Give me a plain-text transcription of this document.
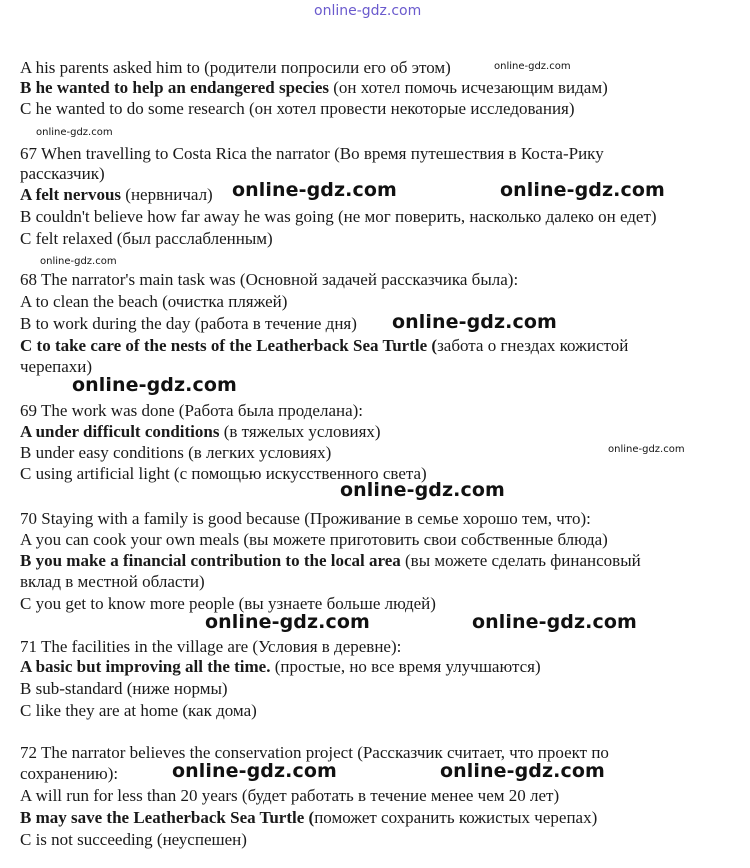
online-gdz.com
A his parents asked him to (родители попросили его об этом)
B he wanted to help an endangered species (он хотел помочь исчезающим видам)
C he wanted to do some research (он хотел провести некоторые исследования)
67 When travelling to Costa Rica the narrator (Во время путешествия в Коста-Рику
рассказчик)
A felt nervous (нервничал)
B couldn't believe how far away he was going (не мог поверить, насколько далеко он едет)
C felt relaxed (был расслабленным)
68 The narrator's main task was (Основной задачей рассказчика была):
A to clean the beach (очистка пляжей)
B to work during the day (работа в течение дня)
C to take care of the nests of the Leatherback Sea Turtle (забота о гнездах кожистой
черепахи)
69 The work was done (Работа была проделана):
A under difficult conditions (в тяжелых условиях)
B under easy conditions (в легких условиях)
C using artificial light (с помощью искусственного света)
70 Staying with a family is good because (Проживание в семье хорошо тем, что):
A you can cook your own meals (вы можете приготовить свои собственные блюда)
B you make a financial contribution to the local area (вы можете сделать финансовый
вклад в местной области)
C you get to know more people (вы узнаете больше людей)
71 The facilities in the village are (Условия в деревне):
A basic but improving all the time. (простые, но все время улучшаются)
B sub-standard (ниже нормы)
C like they are at home (как дома)
72 The narrator believes the conservation project (Рассказчик считает, что проект по
сохранению):
A will run for less than 20 years (будет работать в течение менее чем 20 лет)
B may save the Leatherback Sea Turtle (поможет сохранить кожистых черепах)
C is not succeeding (неуспешен)
online-gdz.com
online-gdz.com
online-gdz.com
online-gdz.com
online-gdz.com	online-gdz.com
online-gdz.com
online-gdz.com
online-gdz.com
online-gdz.com	online-gdz.com
online-gdz.com	online-gdz.com
